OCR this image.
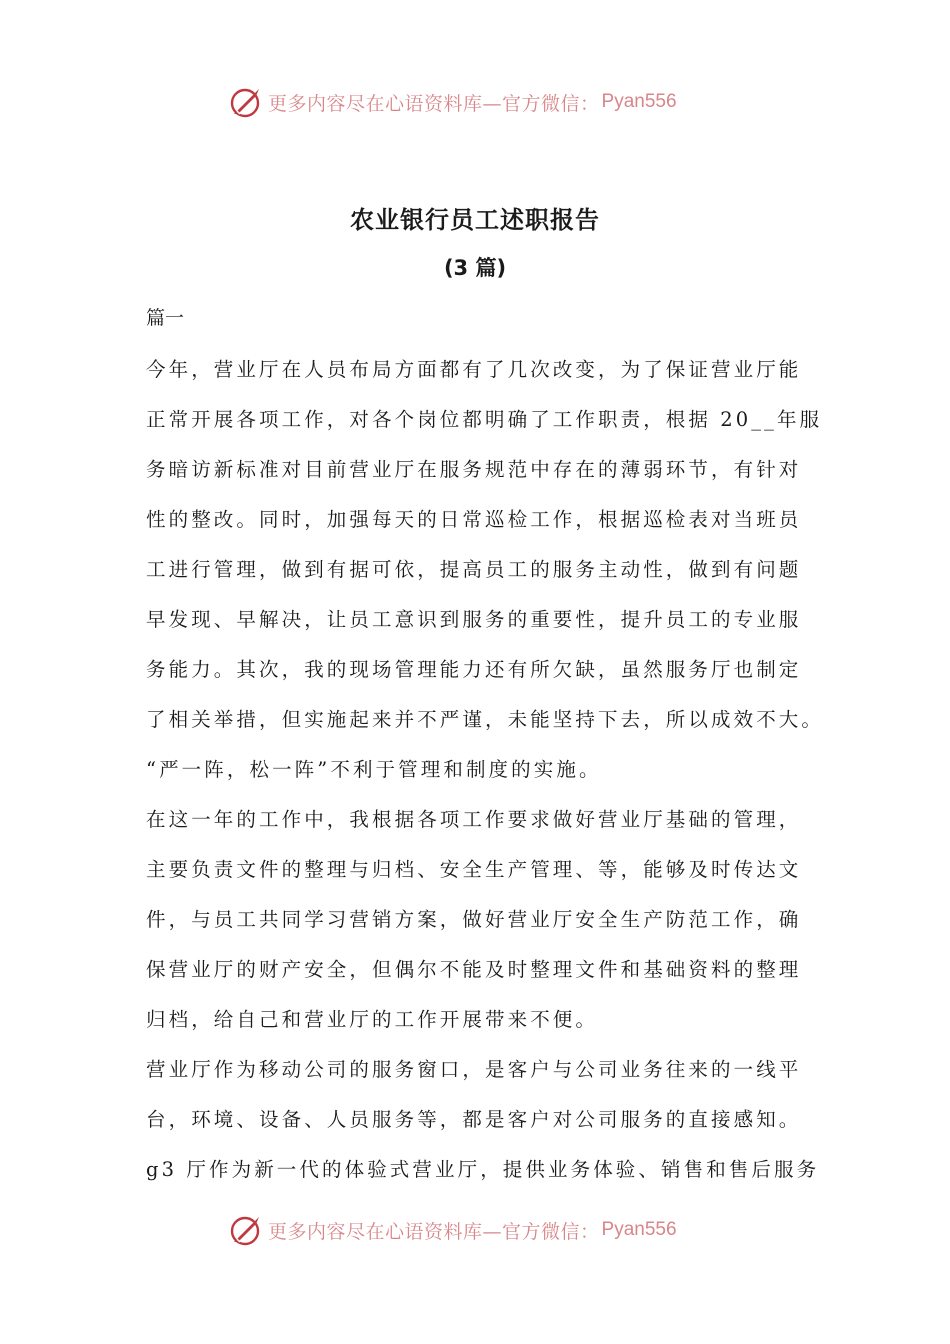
更多内容尽在心语资料库—官方微信： Pyan556
农业银行员工述职报告
(3 篇)
篇一
今年，营业厅在人员布局方面都有了几次改变，为了保证营业厅能
正常开展各项工作，对各个岗位都明确了工作职责，根据 20__年服
务暗访新标准对目前营业厅在服务规范中存在的薄弱环节，有针对
性的整改。同时，加强每天的日常巡检工作，根据巡检表对当班员
工进行管理，做到有据可依，提高员工的服务主动性，做到有问题
早发现、早解决，让员工意识到服务的重要性，提升员工的专业服
务能力。其次，我的现场管理能力还有所欠缺，虽然服务厅也制定
了相关举措，但实施起来并不严谨，未能坚持下去，所以成效不大。
“严一阵，松一阵”不利于管理和制度的实施。
在这一年的工作中，我根据各项工作要求做好营业厅基础的管理，
主要负责文件的整理与归档、安全生产管理、等，能够及时传达文
件，与员工共同学习营销方案，做好营业厅安全生产防范工作，确
保营业厅的财产安全，但偶尔不能及时整理文件和基础资料的整理
归档，给自己和营业厅的工作开展带来不便。
营业厅作为移动公司的服务窗口，是客户与公司业务往来的一线平
台，环境、设备、人员服务等，都是客户对公司服务的直接感知。
g3 厅作为新一代的体验式营业厅，提供业务体验、销售和售后服务
更多内容尽在心语资料库—官方微信： Pyan556
